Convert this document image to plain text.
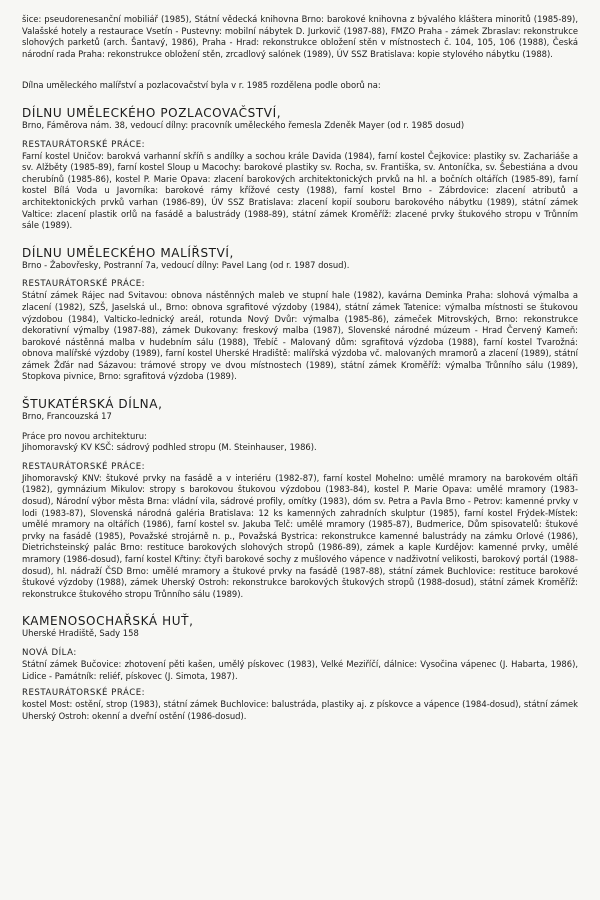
šice: pseudorenesanční mobiliář (1985), Státní vědecká knihovna Brno: barokové knihovna z bývalého kláštera minoritů (1985-89), Valašské hotely a restaurace Vsetín - Pustevny: mobilní nábytek D. Jurkovič (1987-88), FMZO Praha - zámek Zbraslav: rekonstrukce slohových parketů (arch. Šantavý, 1986), Praha - Hrad: rekonstrukce obložení stěn v místnostech č. 104, 105, 106 (1988), Česká národní rada Praha: rekonstrukce obložení stěn, zrcadlový salónek (1989), ÚV SSZ Bratislava: kopie stylového nábytku (1988).

Dílna uměleckého malířství a pozlacovačství byla v r. 1985 rozdělena podle oborů na:

DÍLNU UMĚLECKÉHO POZLACOVAČSTVÍ,

Brno, Fáměrova nám. 38, vedoucí dílny: pracovník uměleckého řemesla Zdeněk Mayer (od r. 1985 dosud)

RESTAURÁTORSKÉ PRÁCE:

Farní kostel Uničov: barokvá varhanní skříň s andílky a sochou krále Davida (1984), farní kostel Čejkovice: plastiky sv. Zachariáše a sv. Alžběty (1985-89), farní kostel Sloup u Macochy: barokové plastiky sv. Rocha, sv. Františka, sv. Antoníčka, sv. Šebestiána a dvou cherubínů (1985-86), kostel P. Marie Opava: zlacení barokových architektonických prvků na hl. a bočních oltářích (1985-89), farní kostel Bílá Voda u Javorníka: barokové rámy křížové cesty (1988), farní kostel Brno - Zábrdovice: zlacení atributů a architektonických prvků varhan (1986-89), ÚV SSZ Bratislava: zlacení kopií souboru barokového nábytku (1989), státní zámek Valtice: zlacení plastik orlů na fasádě a balustrády (1988-89), státní zámek Kroměříž: zlacené prvky štukového stropu v Trůnním sále (1989).

DÍLNU UMĚLECKÉHO MALÍŘSTVÍ,

Brno - Žabovřesky, Postranní 7a, vedoucí dílny: Pavel Lang (od r. 1987 dosud).

RESTAURÁTORSKÉ PRÁCE:

Státní zámek Rájec nad Svitavou: obnova nástěnných maleb ve stupní hale (1982), kavárna Deminka Praha: slohová výmalba a zlacení (1982), SZŠ, Jaselská ul., Brno: obnova sgrafitové výzdoby (1984), státní zámek Tatenice: výmalba místnosti se štukovou výzdobou (1984), Valticko-lednický areál, rotunda Nový Dvůr: výmalba (1985-86), zámeček Mitrovských, Brno: rekonstrukce dekorativní výmalby (1987-88), zámek Dukovany: freskový malba (1987), Slovenské národné múzeum - Hrad Červený Kameň: barokové nástěnná malba v hudebním sálu (1988), Třebíč - Malovaný dům: sgrafitová výzdoba (1988), farní kostel Tvarožná: obnova malířské výzdoby (1989), farní kostel Uherské Hradiště: malířská výzdoba vč. malovaných mramorů a zlacení (1989), státní zámek Žďár nad Sázavou: trámové stropy ve dvou místnostech (1989), státní zámek Kroměříž: výmalba Trůnního sálu (1989), Stopkova pivnice, Brno: sgrafitová výzdoba (1989).

ŠTUKATÉRSKÁ DÍLNA,

Brno, Francouzská 17

Práce pro novou architekturu:
Jihomoravský KV KSČ: sádrový podhled stropu (M. Steinhauser, 1986).

RESTAURÁTORSKÉ PRÁCE:

Jihomoravský KNV: štukové prvky na fasádě a v interiéru (1982-87), farní kostel Mohelno: umělé mramory na barokovém oltáři (1982), gymnázium Mikulov: stropy s barokovou štukovou výzdobou (1983-84), kostel P. Marie Opava: umělé mramory (1983-dosud), Národní výbor města Brna: vládní vila, sádrové profily, omítky (1983), dóm sv. Petra a Pavla Brno - Petrov: kamenné prvky v lodi (1983-87), Slovenská národná galéria Bratislava: 12 ks kamenných zahradních skulptur (1985), farní kostel Frýdek-Místek: umělé mramory na oltářích (1986), farní kostel sv. Jakuba Telč: umělé mramory (1985-87), Budmerice, Dům spisovatelů: štukové prvky na fasádě (1985), Považské strojárně n. p., Považská Bystrica: rekonstrukce kamenné balustrády na zámku Orlové (1986), Dietrichsteinský palác Brno: restituce barokových slohových stropů (1986-89), zámek a kaple Kurdějov: kamenné prvky, umělé mramory (1986-dosud), farní kostel Křtiny: čtyři barokové sochy z mušlového vápence v nadživotní velikosti, barokový portál (1988-dosud), hl. nádraží ČSD Brno: umělé mramory a štukové prvky na fasádě (1987-88), státní zámek Buchlovice: restituce barokové štukové výzdoby (1988), zámek Uherský Ostroh: rekonstrukce barokových štukových stropů (1988-dosud), státní zámek Kroměříž: rekonstrukce štukového stropu Trůnního sálu (1989).

KAMENOSOCHAŘSKÁ HUŤ,

Uherské Hradiště, Sady 158

NOVÁ DÍLA:

Státní zámek Bučovice: zhotovení pěti kašen, umělý pískovec (1983), Velké Meziříčí, dálnice: Vysočina vápenec (J. Habarta, 1986), Lidice - Památník: reliéf, pískovec (J. Simota, 1987).

RESTAURÁTORSKÉ PRÁCE:

kostel Most: ostění, strop (1983), státní zámek Buchlovice: balustráda, plastiky aj. z pískovce a vápence (1984-dosud), státní zámek Uherský Ostroh: okenní a dveřní ostění (1986-dosud).
